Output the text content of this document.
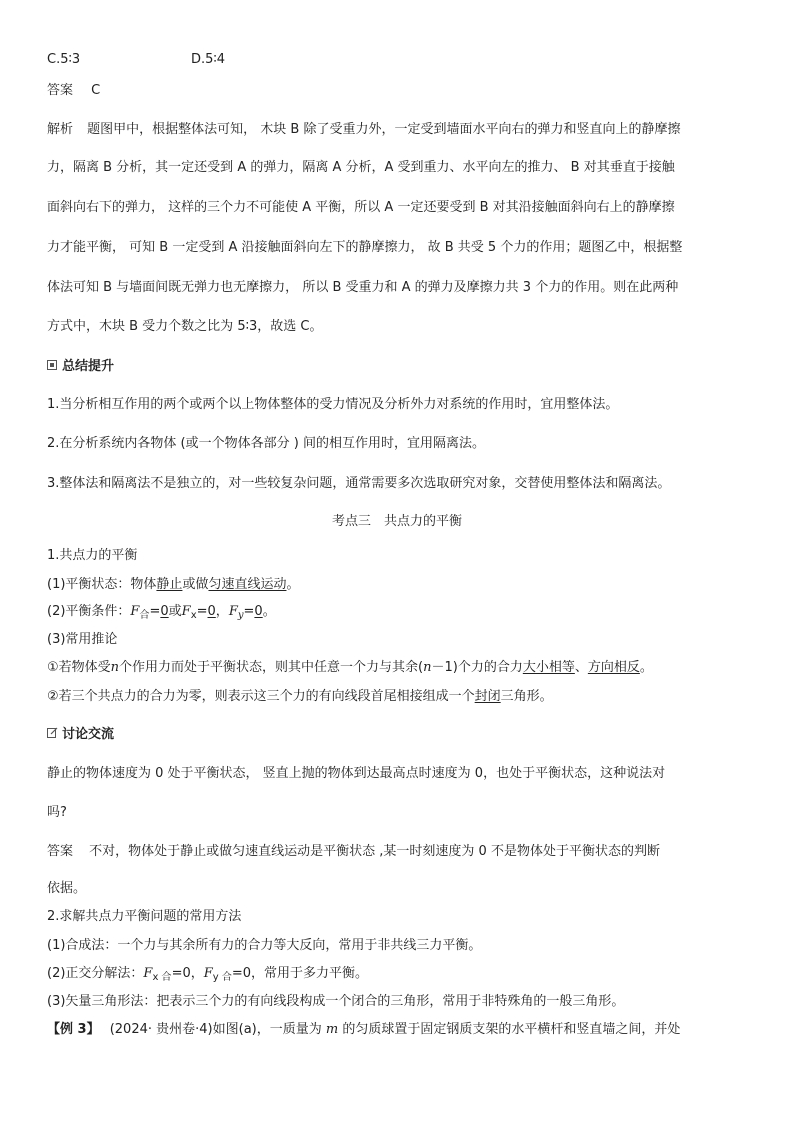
C.5∶3	D.5∶4
答案 C
解析 题图甲中，根据整体法可知， 木块 B 除了受重力外，一定受到墙面水平向右的弹力和竖直向上的静摩擦
力，隔离 B 分析，其一定还受到 A 的弹力，隔离 A 分析，A 受到重力、水平向左的推力、 B 对其垂直于接触
面斜向右下的弹力， 这样的三个力不可能使 A 平衡，所以 A 一定还要受到 B 对其沿接触面斜向右上的静摩擦
力才能平衡， 可知 B 一定受到 A 沿接触面斜向左下的静摩擦力， 故 B 共受 5 个力的作用；题图乙中，根据整
体法可知 B 与墙面间既无弹力也无摩擦力， 所以 B 受重力和 A 的弹力及摩擦力共 3 个力的作用。则在此两种
方式中，木块 B 受力个数之比为 5∶3，故选 C。
总结提升
1.当分析相互作用的两个或两个以上物体整体的受力情况及分析外力对系统的作用时，宜用整体法。
2.在分析系统内各物体 (或一个物体各部分 ) 间的相互作用时，宜用隔离法。
3.整体法和隔离法不是独立的，对一些较复杂问题，通常需要多次选取研究对象，交替使用整体法和隔离法。
考点三　共点力的平衡
1.共点力的平衡
(1)平衡状态：物体静止或做匀速直线运动。
(2)平衡条件：$F_合=0$或$F_x=0$，$F_y=0$。
(3)常用推论
①若物体受n个作用力而处于平衡状态，则其中任意一个力与其余(n－1)个力的合力大小相等、方向相反。
②若三个共点力的合力为零，则表示这三个力的有向线段首尾相接组成一个封闭三角形。
讨论交流
静止的物体速度为 0 处于平衡状态， 竖直上抛的物体到达最高点时速度为 0，也处于平衡状态，这种说法对
吗?
答案 不对，物体处于静止或做匀速直线运动是平衡状态 ,某一时刻速度为 0 不是物体处于平衡状态的判断
依据。
2.求解共点力平衡问题的常用方法
(1)合成法：一个力与其余所有力的合力等大反向，常用于非共线三力平衡。
(2)正交分解法：$F_{x 合}=0$，$F_{y 合}=0$，常用于多力平衡。
(3)矢量三角形法：把表示三个力的有向线段构成一个闭合的三角形，常用于非特殊角的一般三角形。
【例 3】 (2024· 贵州卷·4)如图(a)，一质量为 m 的匀质球置于固定钢质支架的水平横杆和竖直墙之间，并处
